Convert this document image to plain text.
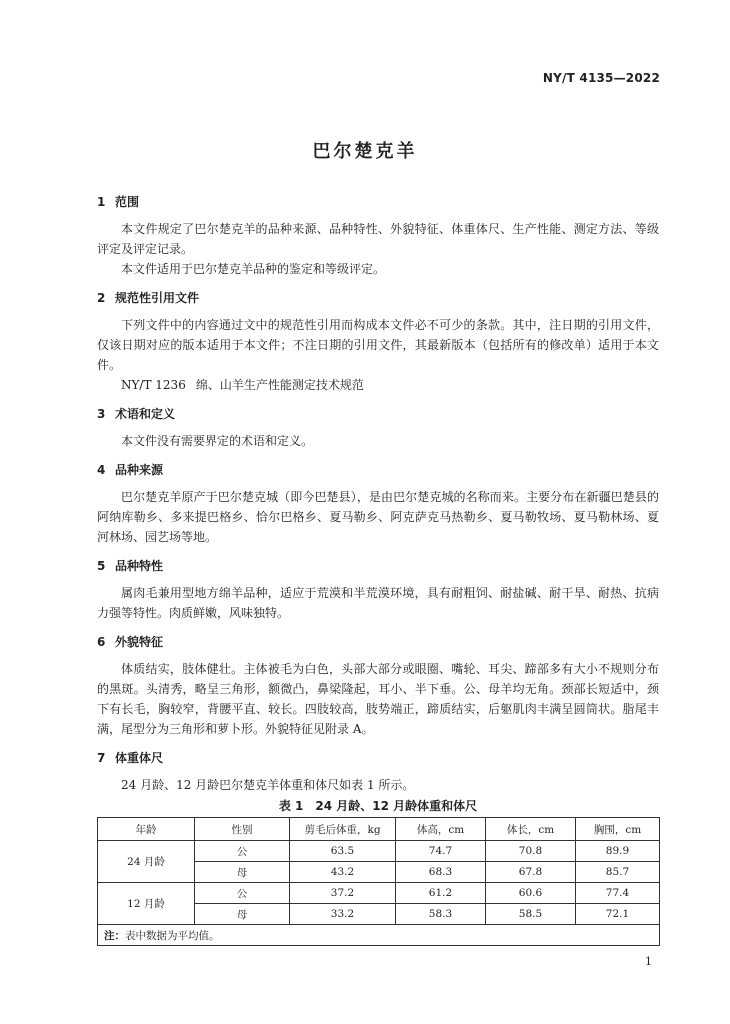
NY/T 4135—2022
巴尔楚克羊
1 范围

本文件规定了巴尔楚克羊的品种来源、品种特性、外貌特征、体重体尺、生产性能、测定方法、等级评定及评定记录。

本文件适用于巴尔楚克羊品种的鉴定和等级评定。

2 规范性引用文件

下列文件中的内容通过文中的规范性引用而构成本文件必不可少的条款。其中，注日期的引用文件，仅该日期对应的版本适用于本文件；不注日期的引用文件，其最新版本（包括所有的修改单）适用于本文件。

NY/T 1236 绵、山羊生产性能测定技术规范
3 术语和定义

本文件没有需要界定的术语和定义。

4 品种来源

巴尔楚克羊原产于巴尔楚克城（即今巴楚县），是由巴尔楚克城的名称而来。主要分布在新疆巴楚县的阿纳库勒乡、多来提巴格乡、恰尔巴格乡、夏马勒乡、阿克萨克马热勒乡、夏马勒牧场、夏马勒林场、夏河林场、园艺场等地。

5 品种特性

属肉毛兼用型地方绵羊品种，适应于荒漠和半荒漠环境，具有耐粗饲、耐盐碱、耐干旱、耐热、抗病力强等特性。肉质鲜嫩，风味独特。

6 外貌特征

体质结实，肢体健壮。主体被毛为白色，头部大部分或眼圈、嘴轮、耳尖、蹄部多有大小不规则分布的黑斑。头清秀，略呈三角形，额微凸，鼻梁隆起，耳小、半下垂。公、母羊均无角。颈部长短适中，颈下有长毛，胸较窄，背腰平直、较长。四肢较高，肢势端正，蹄质结实，后躯肌肉丰满呈圆筒状。脂尾丰满，尾型分为三角形和萝卜形。外貌特征见附录 A。

7 体重体尺

24 月龄、12 月龄巴尔楚克羊体重和体尺如表 1 所示。

表 1　24 月龄、12 月龄体重和体尺
年龄	性别	剪毛后体重，kg	体高，cm	体长，cm	胸围，cm
24 月龄	公	63.5	74.7	70.8	89.9
	母	43.2	68.3	67.8	85.7
12 月龄	公	37.2	61.2	60.6	77.4
	母	33.2	58.3	58.5	72.1
注：表中数据为平均值。					
1
